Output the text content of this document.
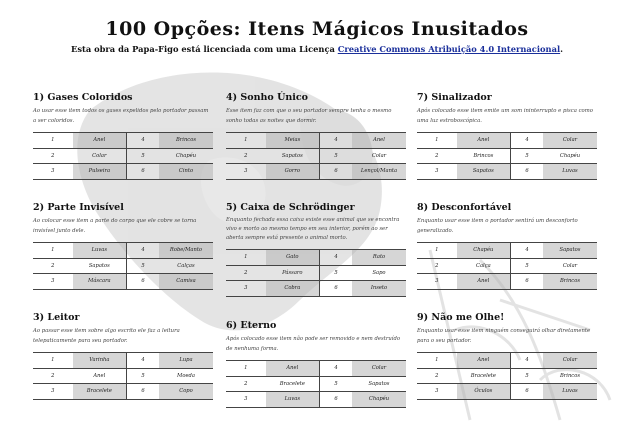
100 Opções: Itens Mágicos Inusitados
Esta obra da Papa-Figo está licenciada com uma Licença Creative Commons Atribuição 4.0 Internacional.
1) Gases Coloridos
Ao usar esse item todos os gases expelidos pelo portador passam a ser coloridos.
1	Anel	4	Brincos
2	Colar	5	Chapéu
3	Pulseira	6	Cinto
2) Parte Invisível
Ao colocar esse item a parte do corpo que ele cobre se torna invisível junto dele.
1	Luvas	4	Robe/Manto
2	Sapatos	5	Calças
3	Máscara	6	Camisa
3) Leitor
Ao passar esse item sobre algo escrito ele faz a leitura telepaticamente para seu portador.
1	Varinha	4	Lupa
2	Anel	5	Moeda
3	Bracelete	6	Copo
4) Sonho Único
Esse item faz com que o seu portador sempre tenha o mesmo sonho todas as noites que dormir.
1	Meias	4	Anel
2	Sapatos	5	Colar
3	Gorro	6	Lençol/Manta
5) Caixa de Schrödinger
Enquanto fechada essa caixa existe esse animal que se encontra vivo e morto ao mesmo tempo em seu interior, porém ao ser aberta sempre está presente o animal morto.
1	Gato	4	Rato
2	Pássaro	5	Sapo
3	Cobra	6	Inseto
6) Eterno
Após colocado esse item não pode ser removido e nem destruído de nenhuma forma.
1	Anel	4	Colar
2	Bracelete	5	Sapatos
3	Luvas	6	Chapéu
7) Sinalizador
Após colocado esse item emite um som ininterrupto e pisca como uma luz estroboscópica.
1	Anel	4	Colar
2	Brincos	5	Chapéu
3	Sapatos	6	Luvas
8) Desconfortável
Enquanto usar esse item o portador sentirá um desconforto generalizado.
1	Chapéu	4	Sapatos
2	Calça	5	Colar
3	Anel	6	Brincos
9) Não me Olhe!
Enquanto usar esse item ninguém conseguirá olhar diretamente para o seu portador.
1	Anel	4	Colar
2	Bracelete	5	Brincos
3	Óculos	6	Luvas
